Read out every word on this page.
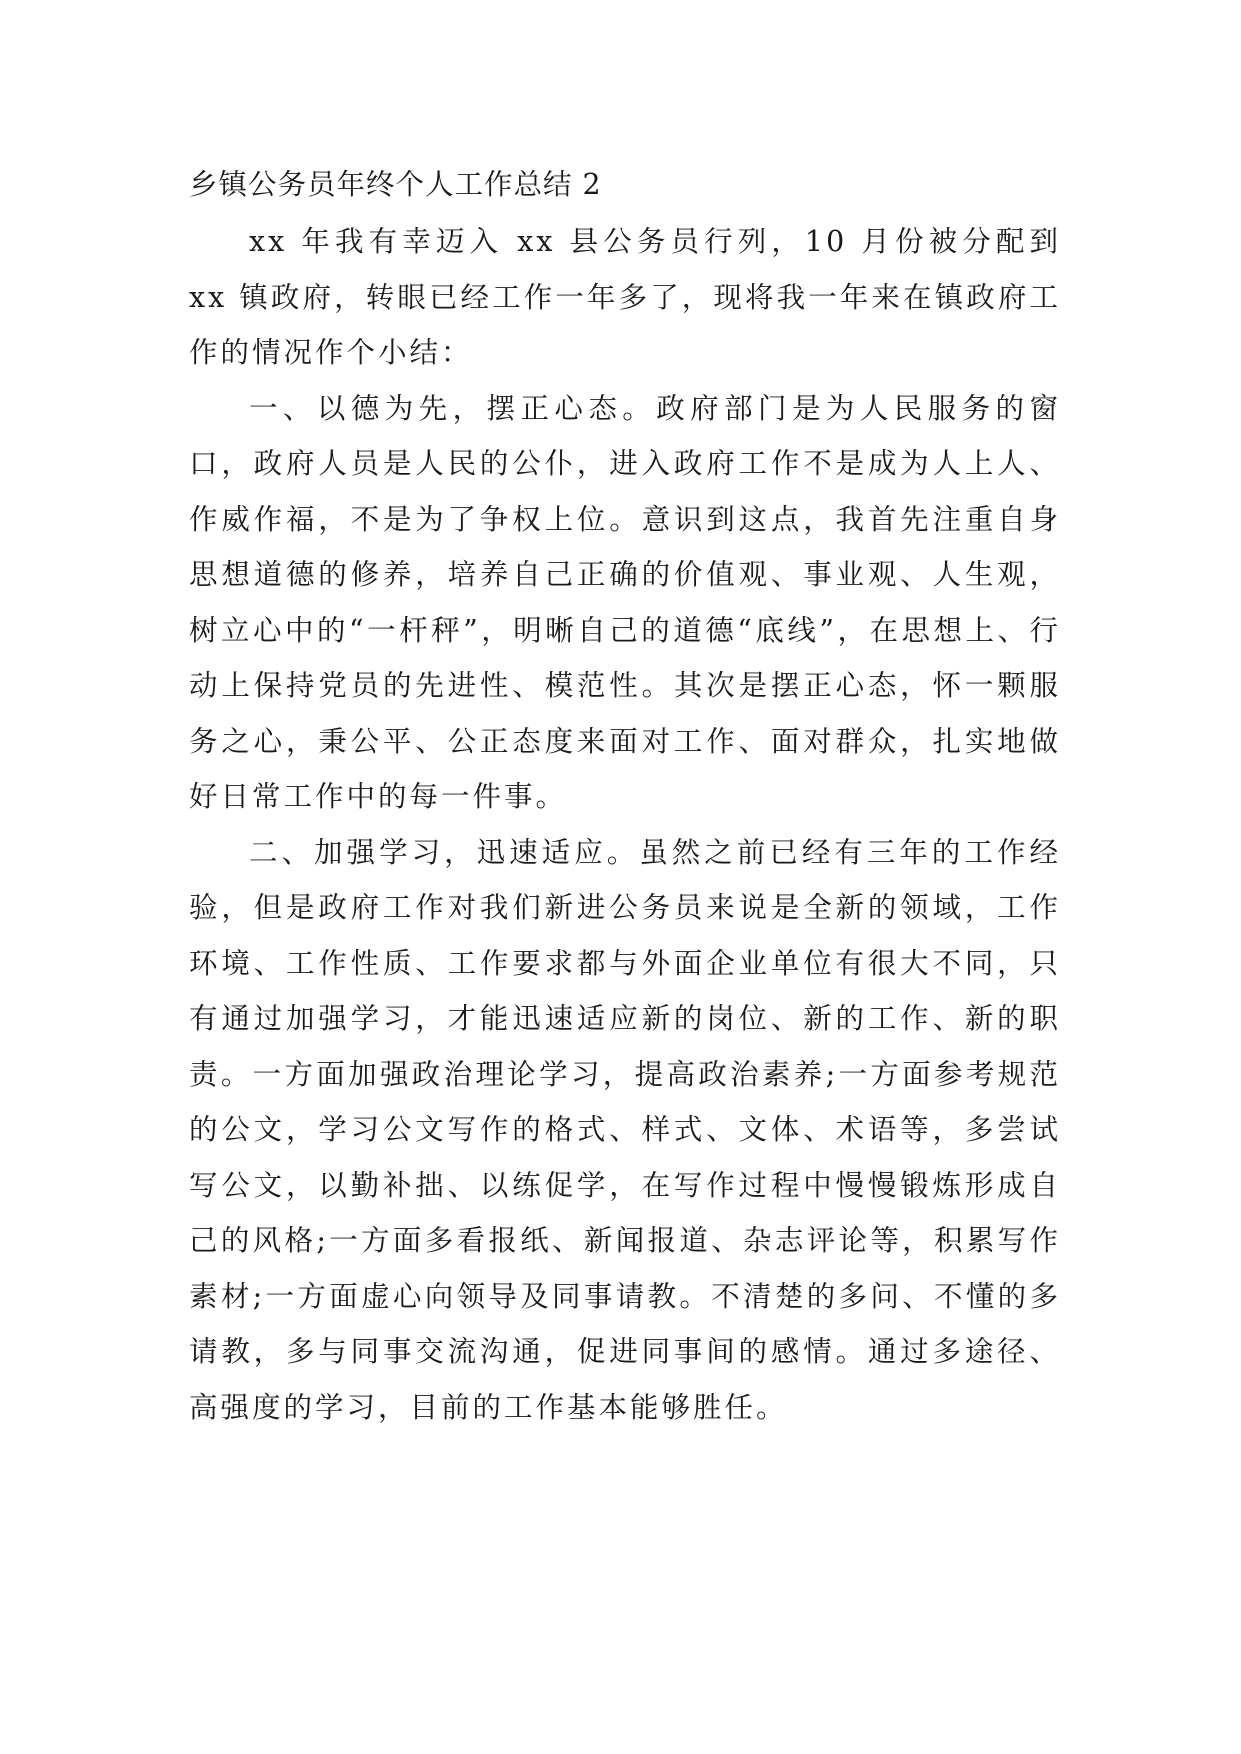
乡镇公务员年终个人工作总结 2

xx 年我有幸迈入 xx 县公务员行列，10 月份被分配到 xx 镇政府，转眼已经工作一年多了，现将我一年来在镇政府工作的情况作个小结：

一、以德为先，摆正心态。政府部门是为人民服务的窗口，政府人员是人民的公仆，进入政府工作不是成为人上人、作威作福，不是为了争权上位。意识到这点，我首先注重自身思想道德的修养，培养自己正确的价值观、事业观、人生观，树立心中的“一杆秤”，明晰自己的道德“底线”，在思想上、行动上保持党员的先进性、模范性。其次是摆正心态，怀一颗服务之心，秉公平、公正态度来面对工作、面对群众，扎实地做好日常工作中的每一件事。

二、加强学习，迅速适应。虽然之前已经有三年的工作经验，但是政府工作对我们新进公务员来说是全新的领域，工作环境、工作性质、工作要求都与外面企业单位有很大不同，只有通过加强学习，才能迅速适应新的岗位、新的工作、新的职责。一方面加强政治理论学习，提高政治素养;一方面参考规范的公文，学习公文写作的格式、样式、文体、术语等，多尝试写公文，以勤补拙、以练促学，在写作过程中慢慢锻炼形成自己的风格;一方面多看报纸、新闻报道、杂志评论等，积累写作素材;一方面虚心向领导及同事请教。不清楚的多问、不懂的多请教，多与同事交流沟通，促进同事间的感情。通过多途径、高强度的学习，目前的工作基本能够胜任。
